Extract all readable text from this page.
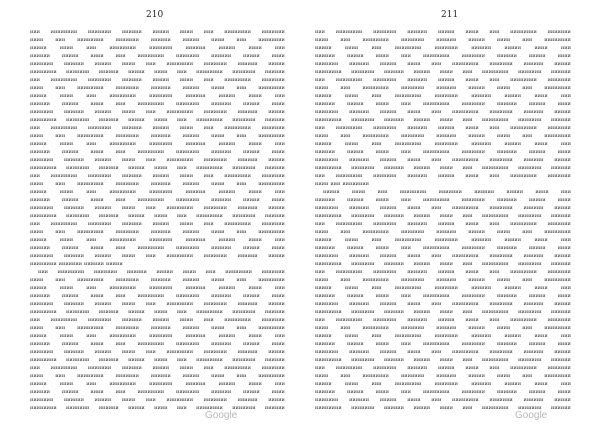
210

иии ииииииии иииииии ииииии иииии ииии иии ииииииии иииииии
ииии иии ииииииии иииииии ииииии иииии ииии иии ииииииии
иииии	ииии	иии	ииииииии	иииииии	ииииии	иииии	ииии	иии
ииииии иииии ииии иии ииииииии иииииии ииииии иииии ииии
иииииии ииииии иииии ииии иии ииииииии иииииии ииииии иииии
ииииииии иииииии ииииии иииии ииии иии ииииииии иииииии ииииии
иии ииииииии иииииии ииииии иииии ииии иии ииииииии иииииии
ииии иии ииииииии иииииии ииииии иииии ииии иии ииииииии
иииии	ииии	иии	ииииииии	иииииии	ииииии	иииии	ииии	иии
ииииии иииии ииии иии ииииииии иииииии ииииии иииии ииии
иииииии ииииии иииии ииии иии ииииииии иииииии ииииии иииии
ииииииии иииииии ииииии иииии ииии иии ииииииии иииииии ииииии
иии ииииииии иииииии ииииии иииии ииии иии ииииииии иииииии
ииии иии ииииииии иииииии ииииии иииии ииии иии ииииииии
иииии	ииии	иии	ииииииии	иииииии	ииииии	иииии	ииии	иии
ииииии иииии ииии иии ииииииии иииииии ииииии иииии ииии
иииииии ииииии иииии ииии иии ииииииии иииииии ииииии иииии
ииииииии иииииии ииииии иииии ииии иии ииииииии иииииии ииииии
иии ииииииии иииииии ииииии иииии ииии иии ииииииии иииииии
ииии иии ииииииии иииииии ииииии иииии ииии иии ииииииии
иииии	ииии	иии	ииииииии	иииииии	ииииии	иииии	ииии	иии
ииииии иииии ииии иии ииииииии иииииии ииииии иииии ииии
иииииии ииииии иииии ииии иии ииииииии иииииии ииииии иииии
ииииииии иииииии ииииии иииии ииии иии ииииииии иииииии ииииии
иии ииииииии иииииии ииииии иииии ииии иии ииииииии иииииии
ииии иии ииииииии иииииии ииииии иииии ииии иии ииииииии
иииии	ииии	иии	ииииииии	иииииии	ииииии	иииии	ииии	иии
ииииии иииии ииии иии ииииииии иииииии ииииии иииии ииии
иииииии ииииии иииии ииии иии ииииииии иииииии ииииии иииии
ииииииии иииииии ииииии иииии
иии ииииииии иииииии ииииии иииии ииии иии ииииииии иииииии
ииии иии ииииииии иииииии ииииии иииии ииии иии ииииииии
иииии	ииии	иии	ииииииии	иииииии	ииииии	иииии	ииии	иии
ииииии иииии ииии иии ииииииии иииииии ииииии иииии ииии
иииииии ииииии иииии ииии иии ииииииии иииииии ииииии иииии
ииииииии иииииии ииииии иииии ииии иии ииииииии иииииии ииииии
иии ииииииии иииииии ииииии иииии ииии иии ииииииии иииииии
ииии иии ииииииии иииииии ииииии иииии ииии иии ииииииии
иииии	ииии	иии	ииииииии	иииииии	ииииии	иииии	ииии	иии
ииииии иииии ииии иии ииииииии иииииии ииииии иииии ииии
иииииии ииииии иииии ииии иии ииииииии иииииии ииииии иииии
ииииииии иииииии ииииии иииии ииии иии ииииииии иииииии ииииии
иии ииииииии иииииии ииииии иииии ииии иии ииииииии иииииии
ииии иии ииииииии иииииии ииииии иииии ииии иии ииииииии
иииии	ииии	иии	ииииииии	иииииии	ииииии	иииии	ииии	иии
ииииии иииии ииии иии ииииииии иииииии ииииии иииии ииии
иииииии ииииии иииии ииии иии ииииииии иииииии ииииии иииии
ииииииии иииииии ииииии иииии ииии иии ииииииии иииииии ииииии

Google

211

иии ииииииии иииииии ииииии иииии ииии иии ииииииии иииииии
ииии иии ииииииии иииииии ииииии иииии ииии иии ииииииии
иииии	ииии	иии	ииииииии	иииииии	ииииии	иииии	ииии	иии
ииииии иииии ииии иии ииииииии иииииии ииииии иииии ииии
иииииии ииииии иииии ииии иии ииииииии иииииии ииииии иииии
ииииииии иииииии ииииии иииии ииии иии ииииииии иииииии ииииии
иии ииииииии иииииии ииииии иииии ииии иии ииииииии иииииии
ииии иии ииииииии иииииии ииииии иииии ииии иии ииииииии
иииии	ииии	иии	ииииииии	иииииии	ииииии	иииии	ииии	иии
ииииии иииии ииии иии ииииииии иииииии ииииии иииии ииии
иииииии ииииии иииии ииии иии ииииииии иииииии ииииии иииии
ииииииии иииииии ииииии иииии ииии иии ииииииии иииииии ииииии
иии ииииииии иииииии ииииии иииии ииии иии ииииииии иииииии
ииии иии ииииииии иииииии ииииии иииии ииии иии ииииииии
иииии	ииии	иии	ииииииии	иииииии	ииииии	иииии	ииии	иии
ииииии иииии ииии иии ииииииии иииииии ииииии иииии ииии
иииииии ииииии иииии ииии иии ииииииии иииииии ииииии иииии
ииииииии иииииии ииииии иииии ииии иии ииииииии иииииии ииииии
иии ииииииии иииииии ииииии иииии ииии иии ииииииии иииииии
ииии иии ииииииии
иииии ииии иии ииииииии иииииии ииииии иииии ииии иии
ииииии иииии ииии иии ииииииии иииииии ииииии иииии ииии
иииииии ииииии иииии ииии иии ииииииии иииииии ииииии иииии
ииииииии иииииии ииииии иииии ииии иии ииииииии иииииии ииииии
иии ииииииии иииииии ииииии иииии ииии иии ииииииии иииииии
ииии иии ииииииии иииииии ииииии иииии ииии иии ииииииии
иииии	ииии	иии	ииииииии	иииииии	ииииии	иииии	ииии	иии
ииииии иииии ииии иии ииииииии иииииии ииииии иииии ииии
иииииии ииииии иииии ииии иии ииииииии иииииии ииииии иииии
ииииииии иииииии ииииии иииии ииии иии ииииииии иииииии ииииии
иии ииииииии иииииии ииииии иииии ииии иии ииииииии иииииии
ииии иии ииииииии иииииии ииииии иииии ииии иии ииииииии
иииии	ииии	иии	ииииииии	иииииии	ииииии	иииии	ииии	иии
ииииии иииии ииии иии ииииииии иииииии ииииии иииии ииии
иииииии ииииии иииии ииии иии ииииииии иииииии ииииии иииии
ииииииии иииииии ииииии иииии ииии иии ииииииии иииииии ииииии
иии ииииииии иииииии ииииии иииии ииии иии ииииииии иииииии
ииии иии ииииииии иииииии ииииии иииии ииии иии ииииииии
иииии	ииии	иии	ииииииии	иииииии	ииииии	иииии	ииии	иии
ииииии иииии ииии иии ииииииии иииииии ииииии иииии ииии
иииииии ииииии иииии ииии иии ииииииии иииииии ииииии иииии
ииииииии иииииии ииииии иииии ииии иии ииииииии иииииии ииииии
иии ииииииии иииииии ииииии иииии ииии иии ииииииии иииииии
ииии иии ииииииии иииииии ииииии иииии ииии иии ииииииии
иииии	ииии	иии	ииииииии	иииииии	ииииии	иииии	ииии	иии
ииииии иииии ииии иии ииииииии иииииии ииииии иииии ииии
иииииии ииииии иииии ииии иии ииииииии иииииии ииииии иииии
ииииииии иииииии ииииии иииии ииии иии ииииииии иииииии ииииии

Google
